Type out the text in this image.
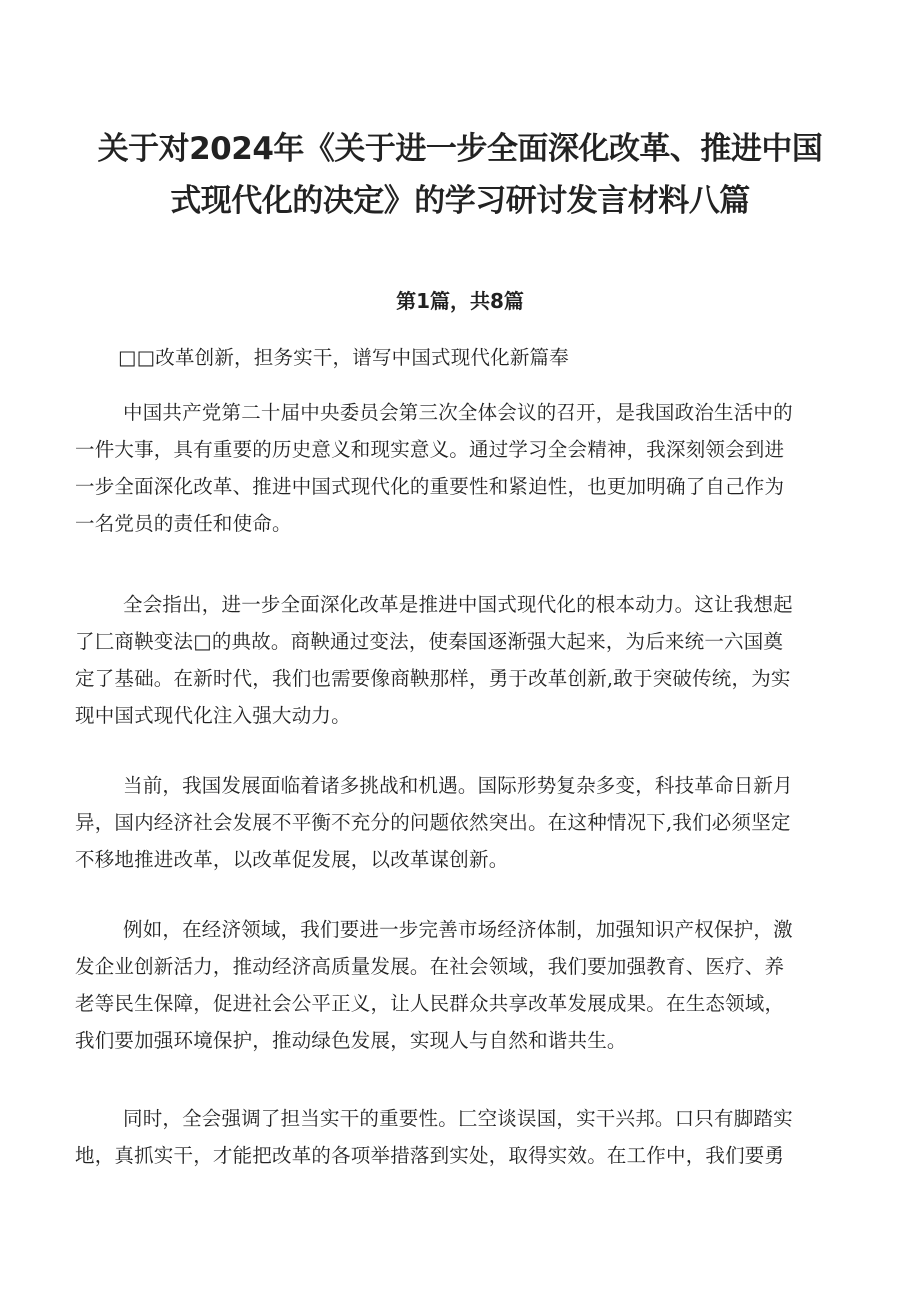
关于对2024年《关于进一步全面深化改革、推进中国
式现代化的决定》的学习研讨发言材料八篇
第1篇，共8篇
□□改革创新，担务实干，谱写中国式现代化新篇奉
中国共产党第二十届中央委员会第三次全体会议的召开，是我国政治生活中的
一件大事，具有重要的历史意义和现实意义。通过学习全会精神，我深刻领会到进
一步全面深化改革、推进中国式现代化的重要性和紧迫性，也更加明确了自己作为
一名党员的责任和使命。
全会指出，进一步全面深化改革是推进中国式现代化的根本动力。这让我想起
了匚商鞅变法□的典故。商鞅通过变法，使秦国逐渐强大起来，为后来统一六国奠
定了基础。在新时代，我们也需要像商鞅那样，勇于改革创新,敢于突破传统，为实
现中国式现代化注入强大动力。
当前，我国发展面临着诸多挑战和机遇。国际形势复杂多变，科技革命日新月
异，国内经济社会发展不平衡不充分的问题依然突出。在这种情况下,我们必须坚定
不移地推进改革，以改革促发展，以改革谋创新。
例如，在经济领域，我们要进一步完善市场经济体制，加强知识产权保护，激
发企业创新活力，推动经济高质量发展。在社会领域，我们要加强教育、医疗、养
老等民生保障，促进社会公平正义，让人民群众共享改革发展成果。在生态领域，
我们要加强环境保护，推动绿色发展，实现人与自然和谐共生。
同时，全会强调了担当实干的重要性。匚空谈误国，实干兴邦。口只有脚踏实
地，真抓实干，才能把改革的各项举措落到实处，取得实效。在工作中，我们要勇
